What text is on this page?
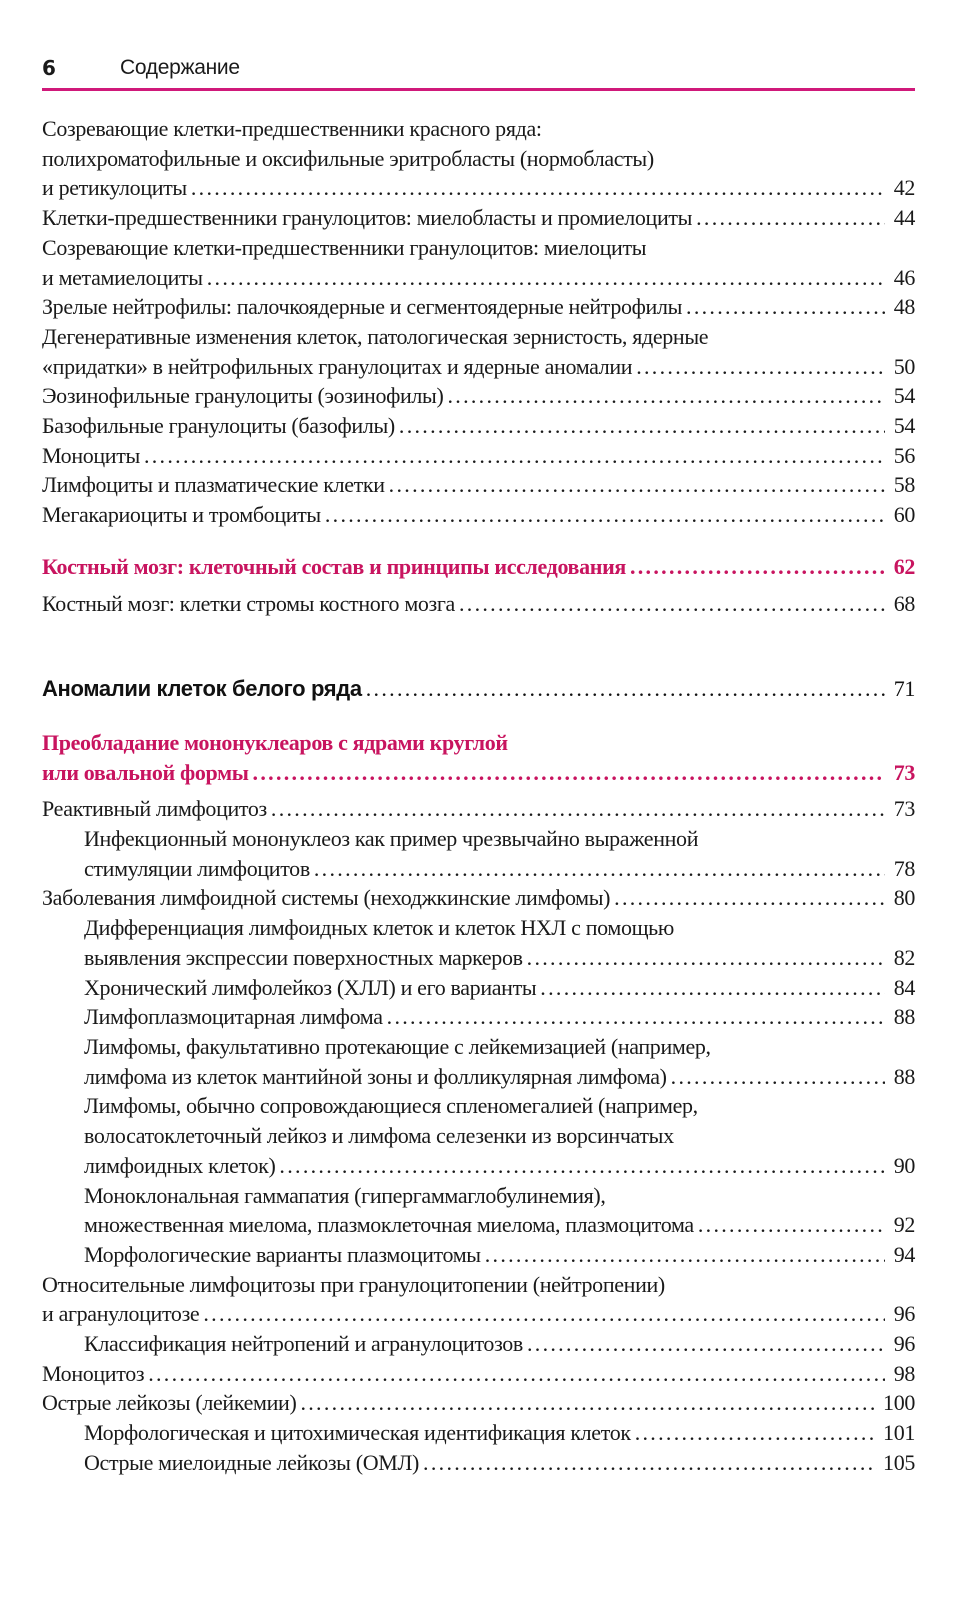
6	Содержание
Созревающие клетки-предшественники красного ряда:
полихроматофильные и оксифильные эритробласты (нормобласты)
и ретикулоциты . . .	42
Клетки-предшественники гранулоцитов: миелобласты и промиелоциты . . .	44
Созревающие клетки-предшественники гранулоцитов: миелоциты
и метамиелоциты . . .	46
Зрелые нейтрофилы: палочкоядерные и сегментоядерные нейтрофилы . . .	48
Дегенеративные изменения клеток, патологическая зернистость, ядерные
«придатки» в нейтрофильных гранулоцитах и ядерные аномалии . . .	50
Эозинофильные гранулоциты (эозинофилы) . . .	54
Базофильные гранулоциты (базофилы) . . .	54
Моноциты . . .	56
Лимфоциты и плазматические клетки . . .	58
Мегакариоциты и тромбоциты . . .	60
Костный мозг: клеточный состав и принципы исследования . . .	62
Костный мозг: клетки стромы костного мозга . . .	68
Аномалии клеток белого ряда . . .	71
Преобладание мононуклеаров с ядрами круглой
или овальной формы . . .	73
Реактивный лимфоцитоз . . .	73
Инфекционный мононуклеоз как пример чрезвычайно выраженной
стимуляции лимфоцитов . . .	78
Заболевания лимфоидной системы (неходжкинские лимфомы) . . .	80
Дифференциация лимфоидных клеток и клеток НХЛ с помощью
выявления экспрессии поверхностных маркеров . . .	82
Хронический лимфолейкоз (ХЛЛ) и его варианты . . .	84
Лимфоплазмоцитарная лимфома . . .	88
Лимфомы, факультативно протекающие с лейкемизацией (например,
лимфома из клеток мантийной зоны и фолликулярная лимфома) . . .	88
Лимфомы, обычно сопровождающиеся спленомегалией (например,
волосатоклеточный лейкоз и лимфома селезенки из ворсинчатых
лимфоидных клеток) . . .	90
Моноклональная гаммапатия (гипергаммаглобулинемия),
множественная миелома, плазмоклеточная миелома, плазмоцитома . . .	92
Морфологические варианты плазмоцитомы . . .	94
Относительные лимфоцитозы при гранулоцитопении (нейтропении)
и агранулоцитозе . . .	96
Классификация нейтропений и агранулоцитозов . . .	96
Моноцитоз . . .	98
Острые лейкозы (лейкемии) . . .	100
Морфологическая и цитохимическая идентификация клеток . . .	101
Острые миелоидные лейкозы (ОМЛ) . . .	105
